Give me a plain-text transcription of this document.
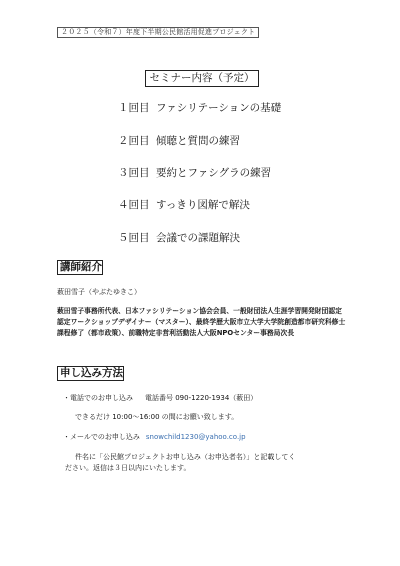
２０２５（令和７）年度下半期公民館活用促進プロジェクト
セミナー内容（予定）
１回目 ファシリテーションの基礎
２回目 傾聴と質問の練習
３回目 要約とファシグラの練習
４回目 すっきり図解で解決
５回目 会議での課題解決
講師紹介
薮田雪子（やぶたゆきこ）
薮田雪子事務所代表、日本ファシリテーション協会会員、一般財団法人生涯学習開発財団認定認定ワークショップデザイナー（マスター）、最終学歴大阪市立大学大学院創造都市研究科修士課程修了（都市政策）、前職特定非営利活動法人大阪NPOセンター事務局次長
申し込み方法
・電話でのお申し込み 電話番号 090-1220-1934（薮田）
できるだけ 10:00～16:00 の間にお願い致します。
・メールでのお申し込み snowchild1230@yahoo.co.jp
件名に「公民館プロジェクトお申し込み（お申込者名）」と記載してく
ださい。返信は３日以内にいたします。
